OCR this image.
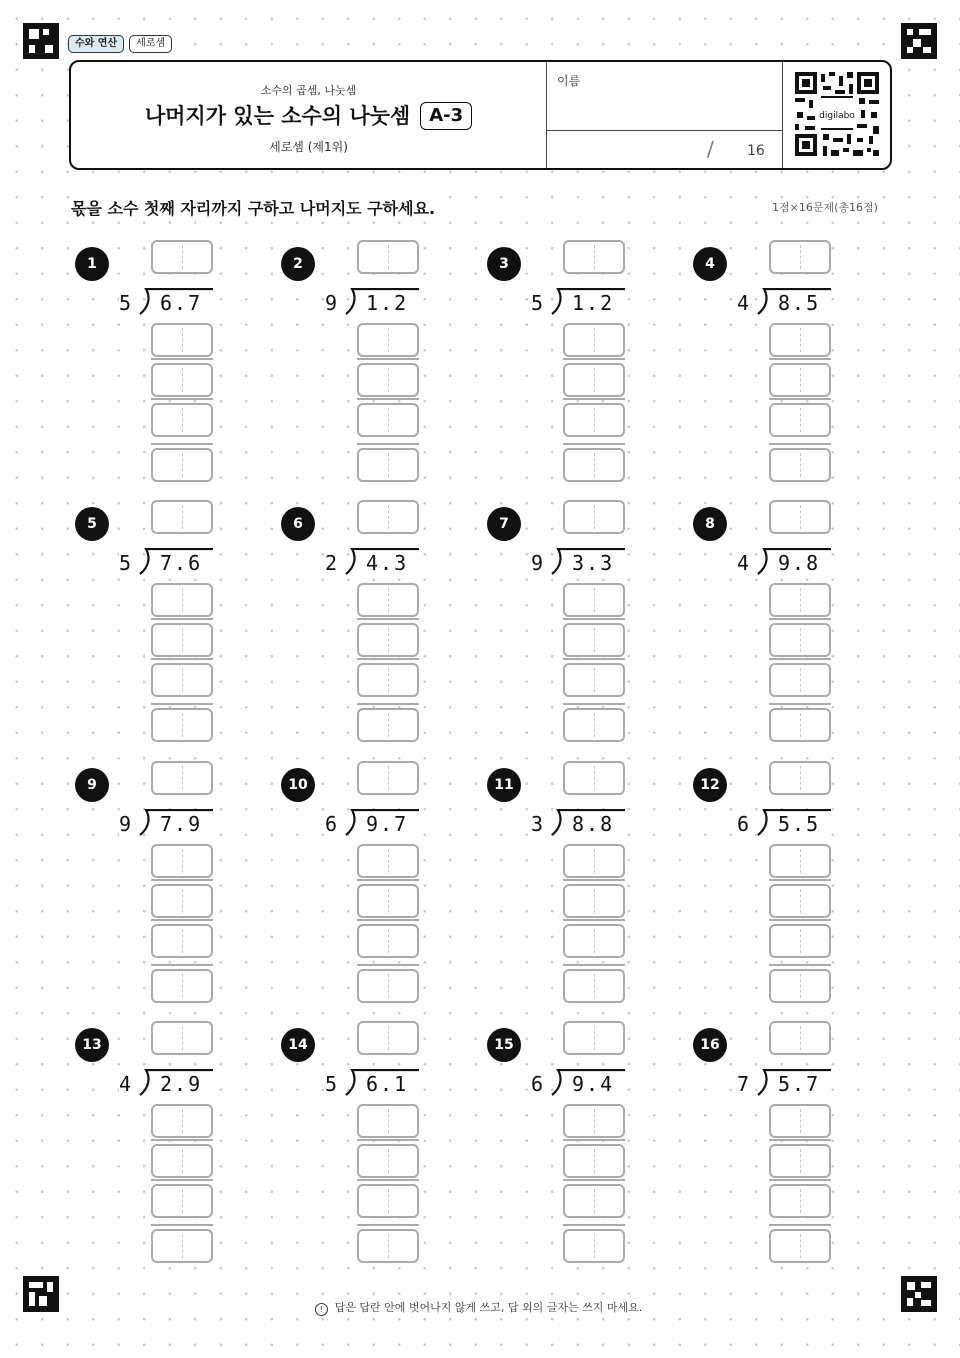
수와 연산	세로셈
소수의 곱셈, 나눗셈
나머지가 있는 소수의 나눗셈 A-3
세로셈 (제1위)
이름
/ 16
digilabo
몫을 소수 첫째 자리까지 구하고 나머지도 구하세요.	1점×16문제(총16점)
1
5 6.7
2
9 1.2
3
5 1.2
4
4 8.5
5
5 7.6
6
2 4.3
7
9 3.3
8
4 9.8
9
9 7.9
10
6 9.7
11
3 8.8
12
6 5.5
13
4 2.9
14
5 6.1
15
6 9.4
16
7 5.7
! 답은 답란 안에 벗어나지 않게 쓰고, 답 외의 글자는 쓰지 마세요.
